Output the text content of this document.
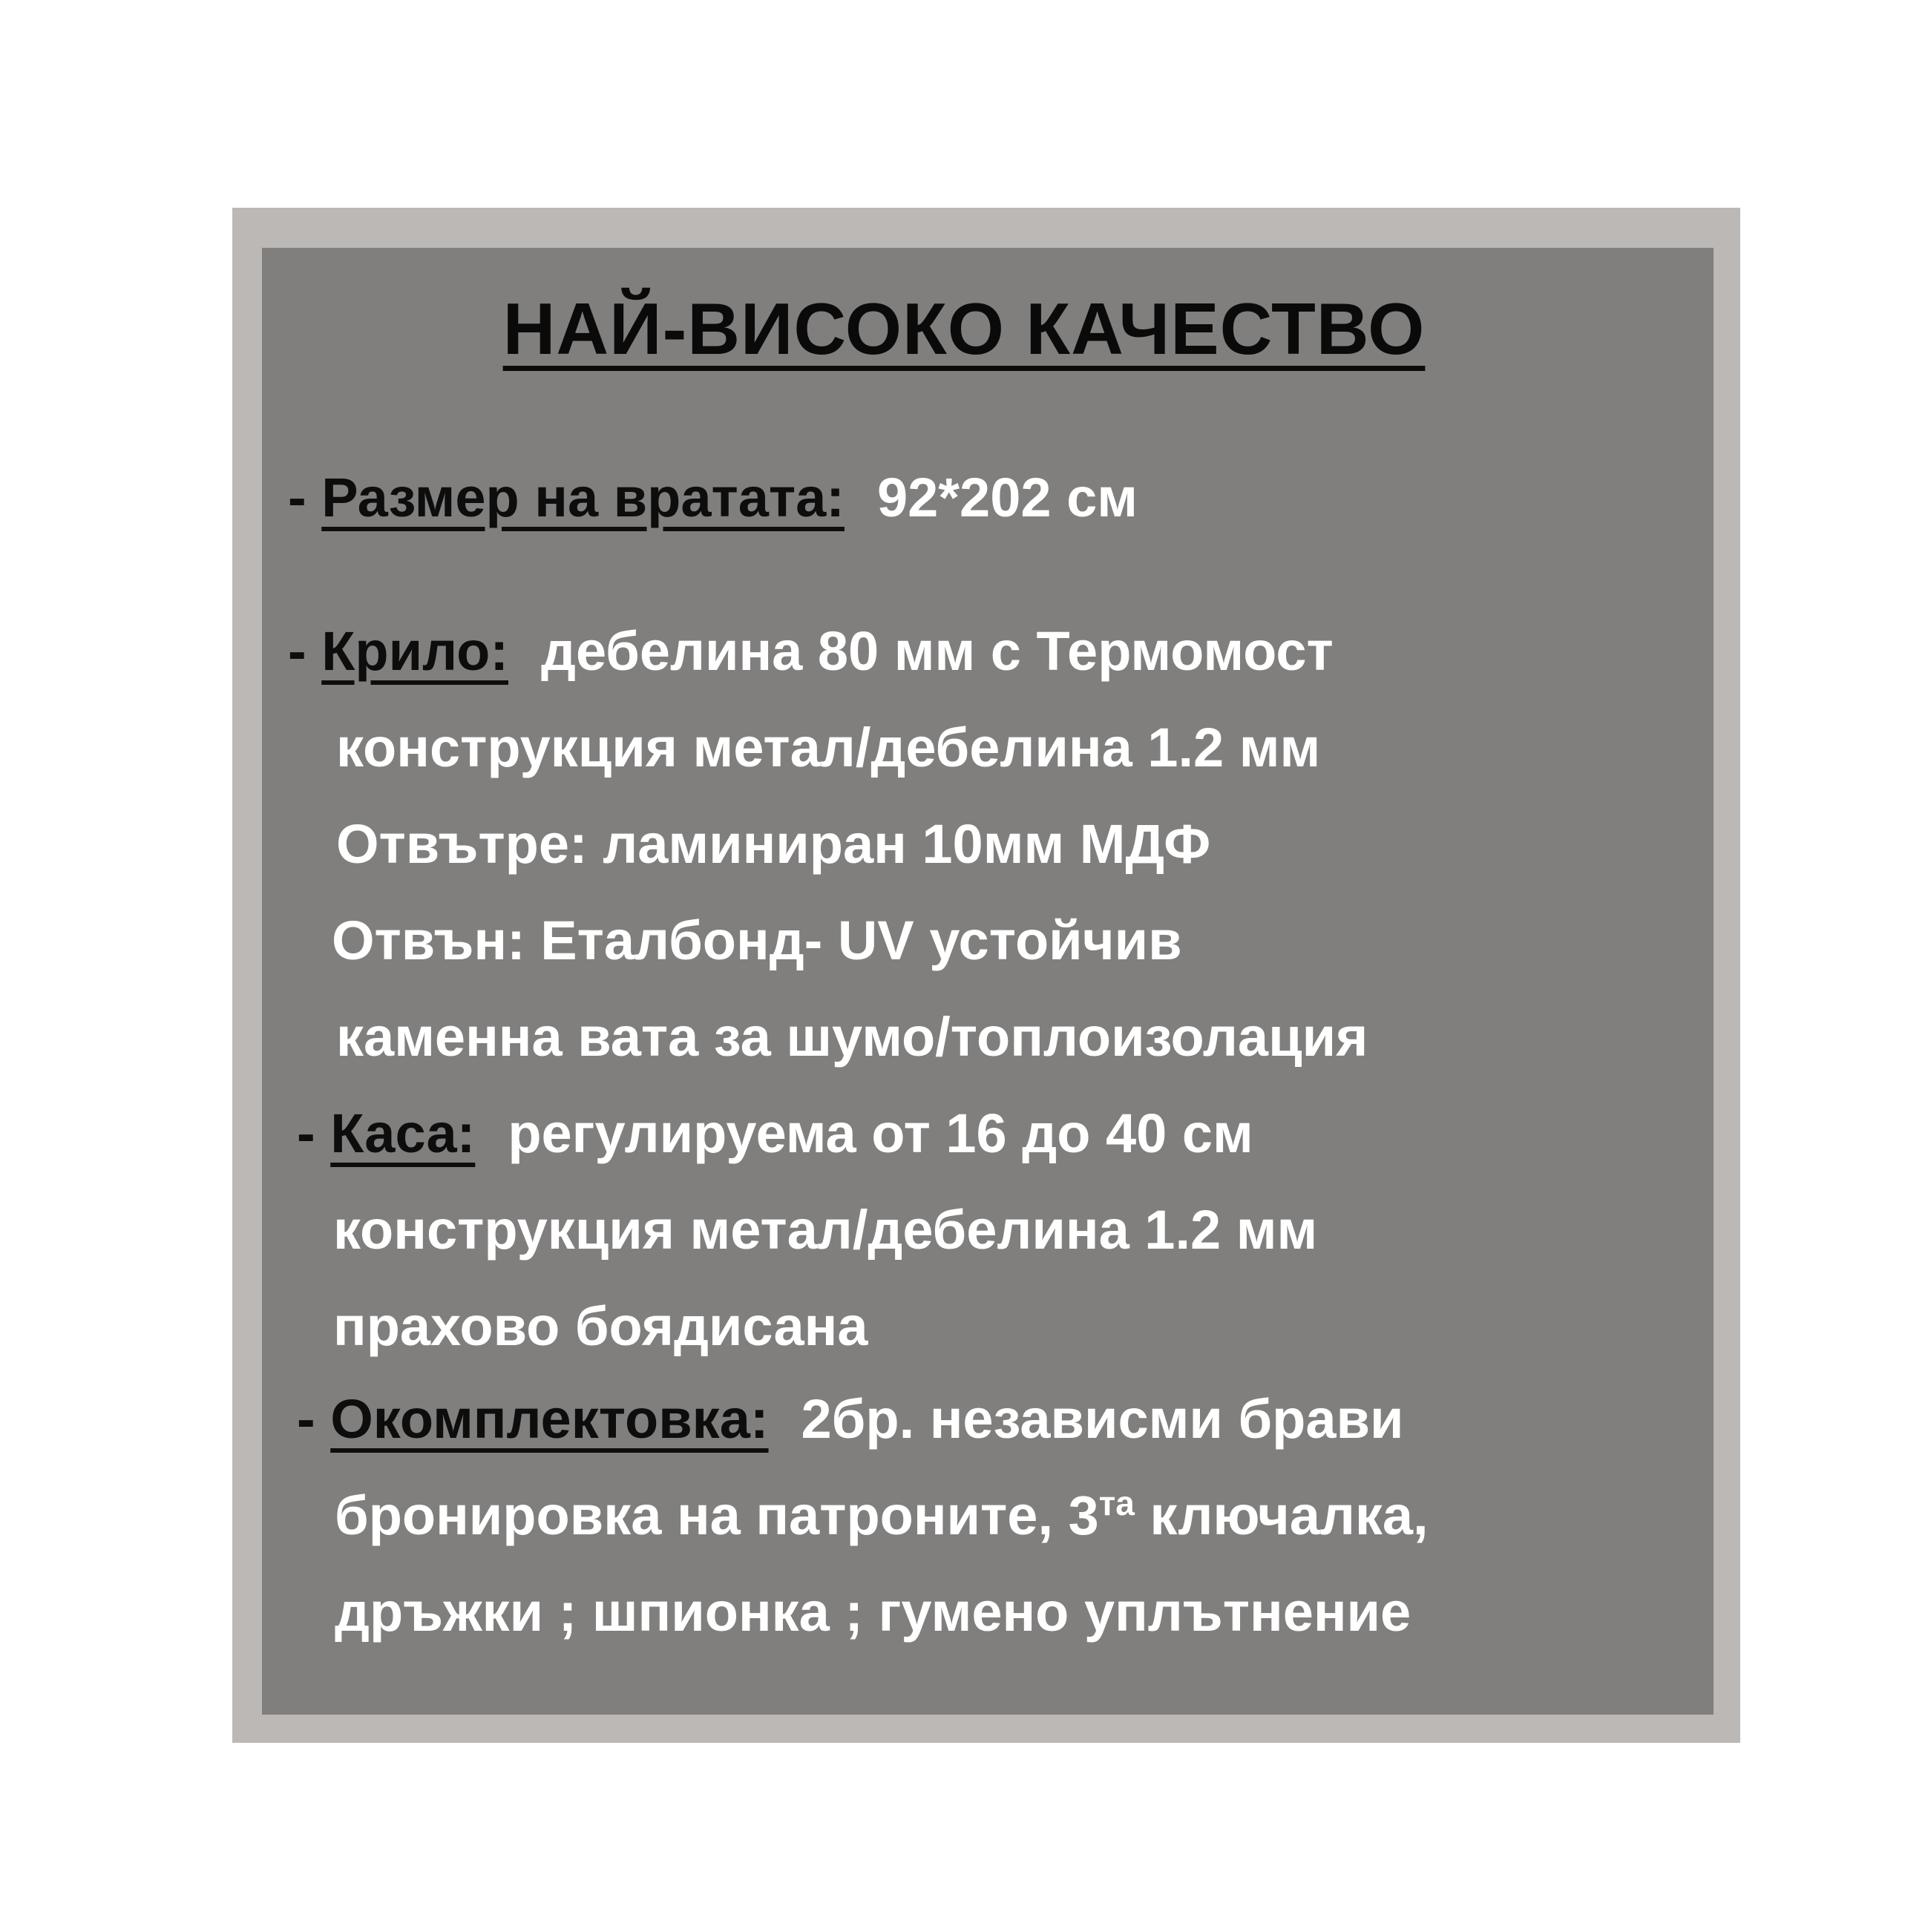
НАЙ-ВИСОКО КАЧЕСТВО
- Размер на вратата: 92*202 см
- Крило: дебелина 80 мм с Термомост
конструкция метал/дебелина 1.2 мм
Отвътре: ламиниран 10мм МДФ
Отвън: Еталбонд- UV устойчив
каменна вата за шумо/топлоизолация
- Каса: регулируема от 16 до 40 см
конструкция метал/дебелина 1.2 мм
прахово боядисана
- Окомплектовка: 2бр. независми брави
бронировка на патроните, $3^{та}$ ключалка,
дръжки ; шпионка ; гумено уплътнение
